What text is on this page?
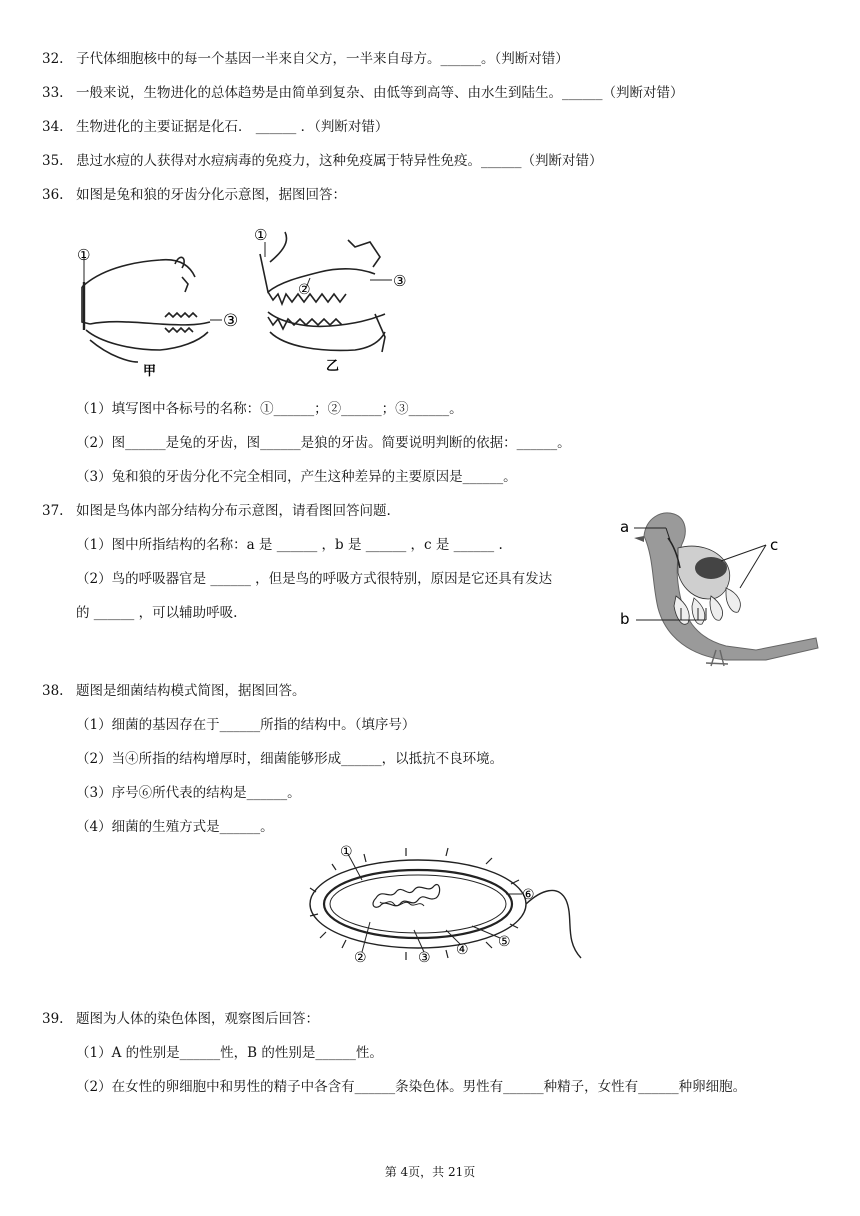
32. 子代体细胞核中的每一个基因一半来自父方，一半来自母方。______。（判断对错）
33. 一般来说，生物进化的总体趋势是由简单到复杂、由低等到高等、由水生到陆生。______（判断对错）
34. 生物进化的主要证据是化石． ______ ．（判断对错）
35. 患过水痘的人获得对水痘病毒的免疫力，这种免疫属于特异性免疫。______（判断对错）
36. 如图是兔和狼的牙齿分化示意图，据图回答：
①
③
①
②	③
甲	乙
（1）填写图中各标号的名称：①______；②______；③______。
（2）图______是兔的牙齿，图______是狼的牙齿。简要说明判断的依据：______。
（3）兔和狼的牙齿分化不完全相同，产生这种差异的主要原因是______。
37. 如图是鸟体内部分结构分布示意图，请看图回答问题.
（1）图中所指结构的名称：a 是 ______ ，b 是 ______ ，c 是 ______ .
（2）鸟的呼吸器官是 ______ ，但是鸟的呼吸方式很特别，原因是它还具有发达
的 ______ ，可以辅助呼吸.
a
c
b
38. 题图是细菌结构模式简图，据图回答。
（1）细菌的基因存在于______所指的结构中。（填序号）
（2）当④所指的结构增厚时，细菌能够形成______，以抵抗不良环境。
（3）序号⑥所代表的结构是______。
（4）细菌的生殖方式是______。
①
②	③ ④ ⑤
⑥
39. 题图为人体的染色体图，观察图后回答：
（1）A 的性别是______性，B 的性别是______性。
（2）在女性的卵细胞中和男性的精子中各含有______条染色体。男性有______种精子，女性有______种卵细胞。
第 4页，共 21页
